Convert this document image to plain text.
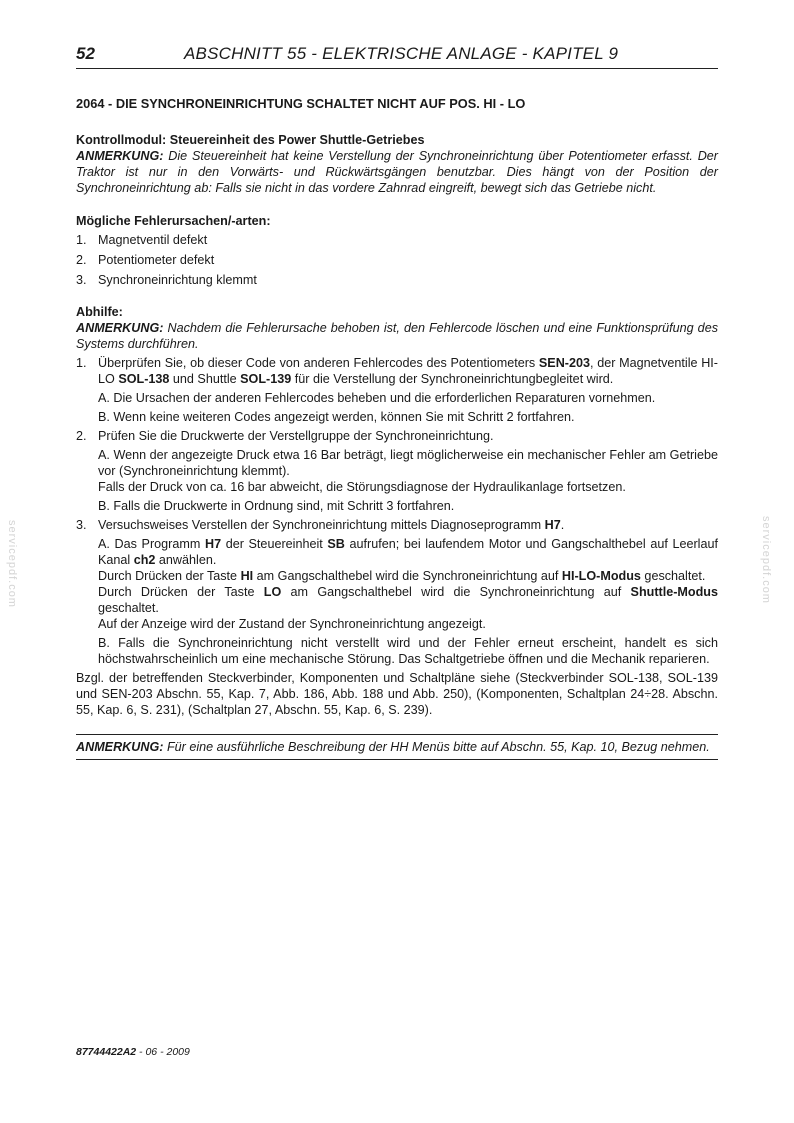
52	ABSCHNITT 55 - ELEKTRISCHE ANLAGE - KAPITEL 9

2064 - DIE SYNCHRONEINRICHTUNG SCHALTET NICHT AUF POS. HI - LO

Kontrollmodul: Steuereinheit des Power Shuttle-Getriebes

ANMERKUNG: Die Steuereinheit hat keine Verstellung der Synchroneinrichtung über Potentiometer erfasst. Der Traktor ist nur in den Vorwärts- und Rückwärtsgängen benutzbar. Dies hängt von der Position der Synchroneinrichtung ab: Falls sie nicht in das vordere Zahnrad eingreift, bewegt sich das Getriebe nicht.

Mögliche Fehlerursachen/-arten:

1. Magnetventil defekt
2. Potentiometer defekt
3. Synchroneinrichtung klemmt

Abhilfe:

ANMERKUNG: Nachdem die Fehlerursache behoben ist, den Fehlercode löschen und eine Funktionsprüfung des Systems durchführen.

1. Überprüfen Sie, ob dieser Code von anderen Fehlercodes des Potentiometers SEN-203, der Magnetventile HI-LO SOL-138 und Shuttle SOL-139 für die Verstellung der Synchroneinrichtungbegleitet wird.

A. Die Ursachen der anderen Fehlercodes beheben und die erforderlichen Reparaturen vornehmen.

B. Wenn keine weiteren Codes angezeigt werden, können Sie mit Schritt 2 fortfahren.

2. Prüfen Sie die Druckwerte der Verstellgruppe der Synchroneinrichtung.

A. Wenn der angezeigte Druck etwa 16 Bar beträgt, liegt möglicherweise ein mechanischer Fehler am Getriebe vor (Synchroneinrichtung klemmt).

Falls der Druck von ca. 16 bar abweicht, die Störungsdiagnose der Hydraulikanlage fortsetzen.

B. Falls die Druckwerte in Ordnung sind, mit Schritt 3 fortfahren.

3. Versuchsweises Verstellen der Synchroneinrichtung mittels Diagnoseprogramm H7.

A. Das Programm H7 der Steuereinheit SB aufrufen; bei laufendem Motor und Gangschalthebel auf Leerlauf Kanal ch2 anwählen.

Durch Drücken der Taste HI am Gangschalthebel wird die Synchroneinrichtung auf HI-LO-Modus geschaltet.

Durch Drücken der Taste LO am Gangschalthebel wird die Synchroneinrichtung auf Shuttle-Modus geschaltet.

Auf der Anzeige wird der Zustand der Synchroneinrichtung angezeigt.

B. Falls die Synchroneinrichtung nicht verstellt wird und der Fehler erneut erscheint, handelt es sich höchstwahrscheinlich um eine mechanische Störung. Das Schaltgetriebe öffnen und die Mechanik reparieren.

Bzgl. der betreffenden Steckverbinder, Komponenten und Schaltpläne siehe (Steckverbinder SOL-138, SOL-139 und SEN-203 Abschn. 55, Kap. 7, Abb. 186, Abb. 188 und Abb. 250), (Komponenten, Schaltplan 24÷28. Abschn. 55, Kap. 6, S. 231), (Schaltplan 27, Abschn. 55, Kap. 6, S. 239).

ANMERKUNG: Für eine ausführliche Beschreibung der HH Menüs bitte auf Abschn. 55, Kap. 10, Bezug nehmen.

87744422A2 - 06 - 2009
servicepdf.com	servicepdf.com
